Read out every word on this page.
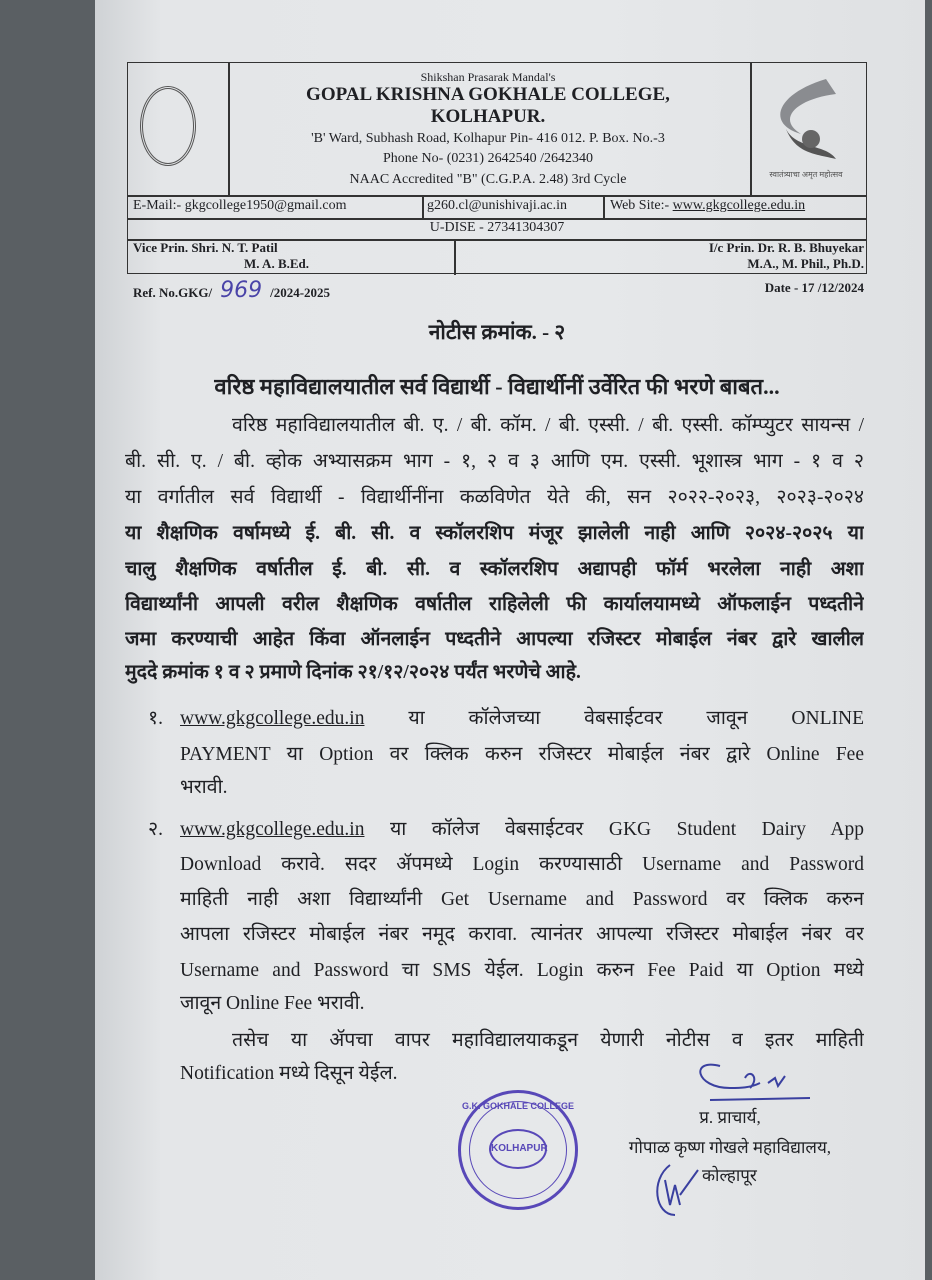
स्वातंत्र्याचा अमृत महोत्सव
Shikshan Prasarak Mandal's
GOPAL KRISHNA GOKHALE COLLEGE,
KOLHAPUR.
'B' Ward, Subhash Road, Kolhapur Pin- 416 012. P. Box. No.-3
Phone No- (0231) 2642540 /2642340
NAAC Accredited "B" (C.G.P.A. 2.48) 3rd Cycle
E-Mail:- gkgcollege1950@gmail.com	g260.cl@unishivaji.ac.in	Web Site:- www.gkgcollege.edu.in
U-DISE - 27341304307
Vice Prin. Shri. N. T. Patil
M. A. B.Ed.
I/c Prin. Dr. R. B. Bhuyekar
M.A., M. Phil., Ph.D.
Ref. No.GKG/ 969 /2024-2025	Date - 17 /12/2024
नोटीस क्रमांक. - २
वरिष्ठ महाविद्यालयातील सर्व विद्यार्थी - विद्यार्थीनीं उर्वेरित फी भरणे बाबत...
वरिष्ठ महाविद्यालयातील बी. ए. / बी. कॉम. / बी. एस्सी. / बी. एस्सी. कॉम्प्युटर सायन्स /
बी. सी. ए. / बी. व्होक अभ्यासक्रम भाग - १, २ व ३ आणि एम. एस्सी. भूशास्त्र भाग - १ व २
या वर्गातील सर्व विद्यार्थी - विद्यार्थीनींना कळविणेत येते की, सन २०२२-२०२३, २०२३-२०२४
या शैक्षणिक वर्षामध्ये ई. बी. सी. व स्कॉलरशिप मंजूर झालेली नाही आणि २०२४-२०२५ या
चालु शैक्षणिक वर्षातील ई. बी. सी. व स्कॉलरशिप अद्यापही फॉर्म भरलेला नाही अशा
विद्यार्थ्यांनी आपली वरील शैक्षणिक वर्षातील राहिलेली फी कार्यालयामध्ये ऑफलाईन पध्दतीने
जमा करण्याची आहेत किंवा ऑनलाईन पध्दतीने आपल्या रजिस्टर मोबाईल नंबर द्वारे खालील
मुददे क्रमांक १ व २ प्रमाणे दिनांक २१/१२/२०२४ पर्यंत भरणेचे आहे.
१. www.gkgcollege.edu.in या कॉलेजच्या वेबसाईटवर जावून ONLINE
PAYMENT या Option वर क्लिक करुन रजिस्टर मोबाईल नंबर द्वारे Online Fee
भरावी.
२. www.gkgcollege.edu.in या कॉलेज वेबसाईटवर GKG Student Dairy App
Download करावे. सदर ॲपमध्ये Login करण्यासाठी Username and Password
माहिती नाही अशा विद्यार्थ्यांनी Get Username and Password वर क्लिक करुन
आपला रजिस्टर मोबाईल नंबर नमूद करावा. त्यानंतर आपल्या रजिस्टर मोबाईल नंबर वर
Username and Password चा SMS येईल. Login करुन Fee Paid या Option मध्ये
जावून Online Fee भरावी.
तसेच या ॲपचा वापर महाविद्यालयाकडून येणारी नोटीस व इतर माहिती
Notification मध्ये दिसून येईल.
प्र. प्राचार्य,
गोपाळ कृष्ण गोखले महाविद्यालय,
कोल्हापूर
KOLHAPUR
G.K. GOKHALE COLLEGE
